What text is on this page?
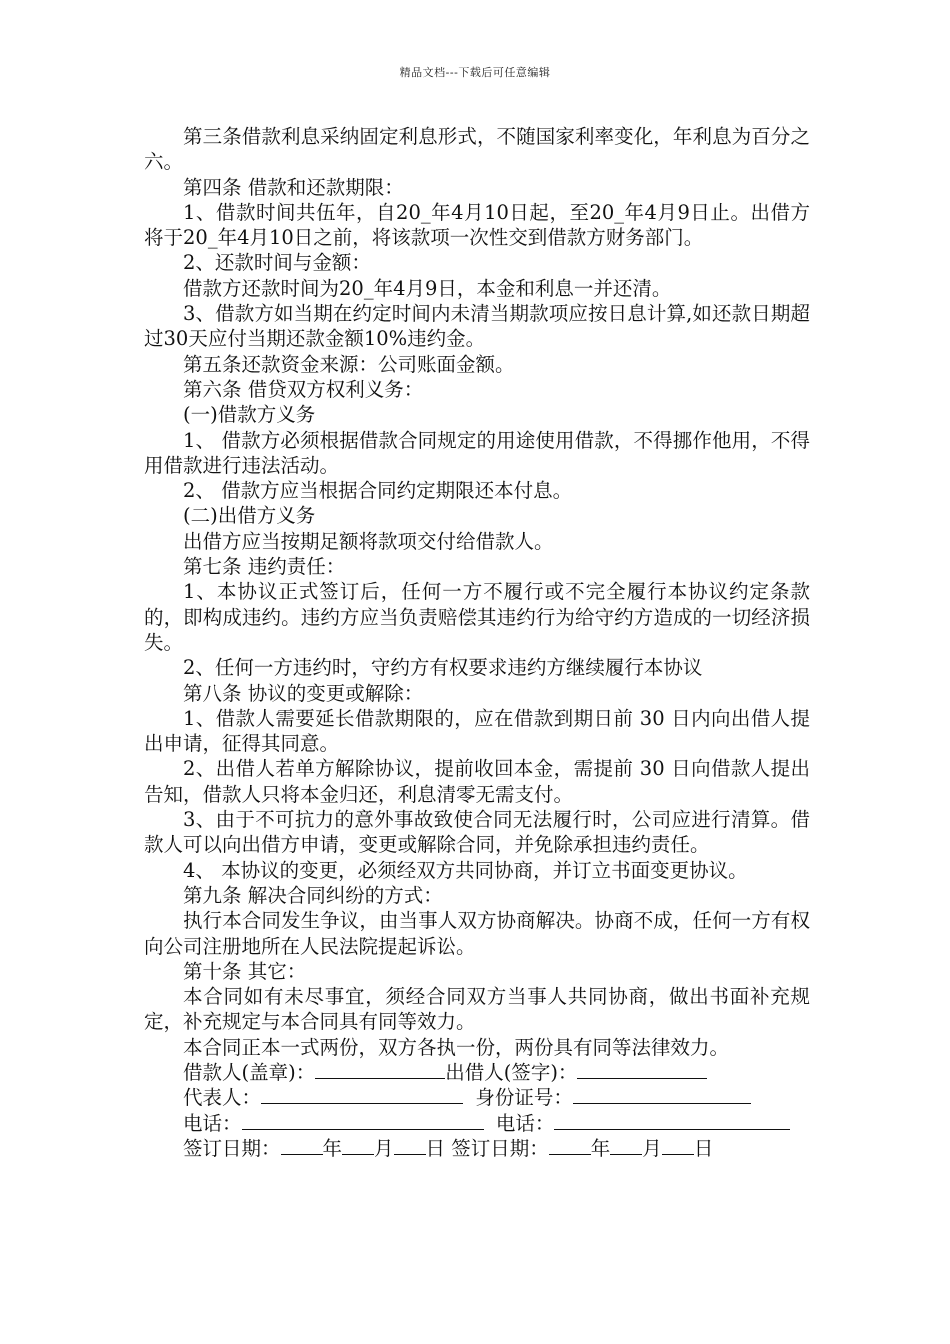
精品文档---下载后可任意编辑

第三条借款利息采纳固定利息形式，不随国家利率变化，年利息为百分之六。

第四条 借款和还款期限：

1、借款时间共伍年，自20_年4月10日起，至20_年4月9日止。出借方将于20_年4月10日之前，将该款项一次性交到借款方财务部门。

2、还款时间与金额：

借款方还款时间为20_年4月9日，本金和利息一并还清。

3、借款方如当期在约定时间内未清当期款项应按日息计算,如还款日期超过30天应付当期还款金额10%违约金。

第五条还款资金来源：公司账面金额。

第六条 借贷双方权利义务：

(一)借款方义务

1、 借款方必须根据借款合同规定的用途使用借款，不得挪作他用，不得用借款进行违法活动。

2、 借款方应当根据合同约定期限还本付息。

(二)出借方义务

出借方应当按期足额将款项交付给借款人。

第七条 违约责任：

1、本协议正式签订后，任何一方不履行或不完全履行本协议约定条款的，即构成违约。违约方应当负责赔偿其违约行为给守约方造成的一切经济损失。

2、任何一方违约时，守约方有权要求违约方继续履行本协议

第八条 协议的变更或解除：

1、借款人需要延长借款期限的，应在借款到期日前 30 日内向出借人提出申请，征得其同意。

2、出借人若单方解除协议，提前收回本金，需提前 30 日向借款人提出告知，借款人只将本金归还，利息清零无需支付。

3、由于不可抗力的意外事故致使合同无法履行时，公司应进行清算。借款人可以向出借方申请，变更或解除合同，并免除承担违约责任。

4、 本协议的变更，必须经双方共同协商，并订立书面变更协议。

第九条 解决合同纠纷的方式：

执行本合同发生争议，由当事人双方协商解决。协商不成，任何一方有权向公司注册地所在人民法院提起诉讼。

第十条 其它：

本合同如有未尽事宜，须经合同双方当事人共同协商，做出书面补充规定，补充规定与本合同具有同等效力。

本合同正本一式两份，双方各执一份，两份具有同等法律效力。

借款人(盖章)：	出借人(签字)：
代表人：	身份证号：
电话：	电话：
签订日期： 年 月 日 签订日期： 年 月 日
